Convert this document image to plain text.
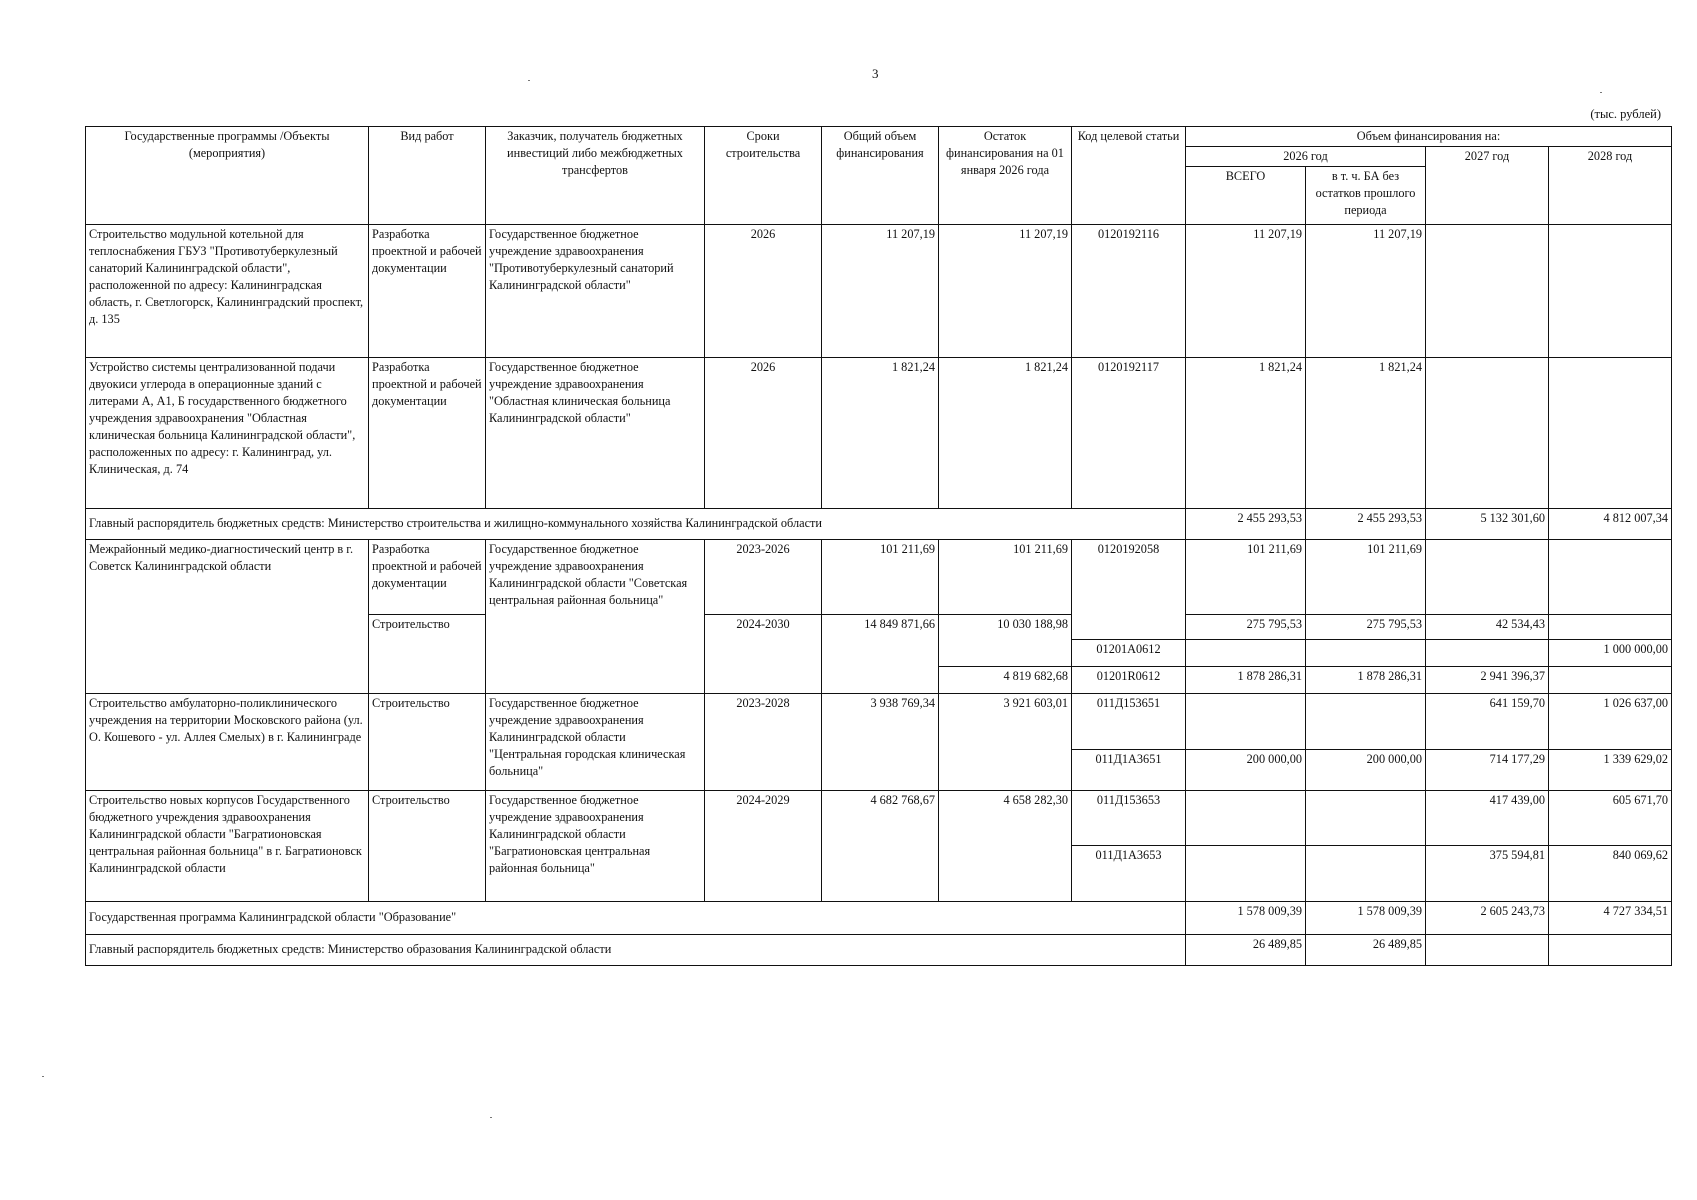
3
(тыс. рублей)
Государственные программы /Объекты (мероприятия)	Вид работ	Заказчик, получатель бюджетных инвестиций либо межбюджетных трансфертов	Сроки строительства	Общий объем финансирования	Остаток финансирования на 01 января 2026 года	Код целевой статьи	Объем финансирования на:			
							2026 год		2027 год	2028 год
							ВСЕГО	в т. ч. БА без остатков прошлого периода		
Строительство модульной котельной для теплоснабжения ГБУЗ "Противотуберкулезный санаторий Калининградской области", расположенной по адресу: Калининградская область, г. Светлогорск, Калининградский проспект, д. 135	Разработка проектной и рабочей документации	Государственное бюджетное учреждение здравоохранения "Противотуберкулезный санаторий Калининградской области"	2026	11 207,19	11 207,19	0120192116	11 207,19	11 207,19		
Устройство системы централизованной подачи двуокиси углерода в операционные зданий с литерами А, А1, Б государственного бюджетного учреждения здравоохранения "Областная клиническая больница Калининградской области", расположенных по адресу: г. Калининград, ул. Клиническая, д. 74	Разработка проектной и рабочей документации	Государственное бюджетное учреждение здравоохранения "Областная клиническая больница Калининградской области"	2026	1 821,24	1 821,24	0120192117	1 821,24	1 821,24		
Главный распорядитель бюджетных средств: Министерство строительства и жилищно-коммунального хозяйства Калининградской области							2 455 293,53	2 455 293,53	5 132 301,60	4 812 007,34
Межрайонный медико-диагностический центр в г. Советск Калининградской области	Разработка проектной и рабочей документации	Государственное бюджетное учреждение здравоохранения Калининградской области "Советская центральная районная больница"	2023-2026	101 211,69	101 211,69	0120192058	101 211,69	101 211,69		
	Строительство		2024-2030	14 849 871,66	10 030 188,98		275 795,53	275 795,53	42 534,43	
						01201А0612				1 000 000,00
					4 819 682,68	01201R0612	1 878 286,31	1 878 286,31	2 941 396,37	
Строительство амбулаторно-поликлинического учреждения на территории Московского района (ул. О. Кошевого - ул. Аллея Смелых) в г. Калининграде	Строительство	Государственное бюджетное учреждение здравоохранения Калининградской области "Центральная городская клиническая больница"	2023-2028	3 938 769,34	3 921 603,01	011Д153651			641 159,70	1 026 637,00
						011Д1А3651	200 000,00	200 000,00	714 177,29	1 339 629,02
Строительство новых корпусов Государственного бюджетного учреждения здравоохранения Калининградской области "Багратионовская центральная районная больница" в г. Багратионовск Калининградской области	Строительство	Государственное бюджетное учреждение здравоохранения Калининградской области "Багратионовская центральная районная больница"	2024-2029	4 682 768,67	4 658 282,30	011Д153653			417 439,00	605 671,70
						011Д1А3653			375 594,81	840 069,62
Государственная программа Калининградской области "Образование"							1 578 009,39	1 578 009,39	2 605 243,73	4 727 334,51
Главный распорядитель бюджетных средств: Министерство образования Калининградской области							26 489,85	26 489,85		
